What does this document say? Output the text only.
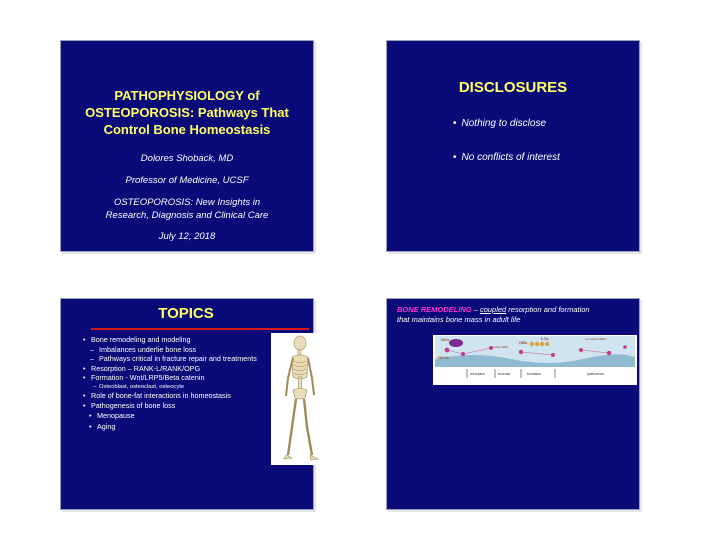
PATHOPHYSIOLOGY of
OSTEOPOROSIS: Pathways That
Control Bone Homeostasis
Dolores Shoback, MD
Professor of Medicine, UCSF
OSTEOPOROSIS: New Insights in
Research, Diagnosis and Clinical Care
July 12, 2018
DISCLOSURES
• Nothing to disclose
• No conflicts of interest
TOPICS
• Bone remodeling and modeling
– Imbalances underlie bone loss
– Pathways critical in fracture repair and treatments
• Resorption – RANK-L/RANK/OPG
• Formation - Wnt/LRP5/Beta catenin
– Osteoblast, osteoclast, osteocyte
• Role of bone-fat interactions in homeostasis
• Pathogenesis of bone loss
• Menopause
• Aging
BONE REMODELING – coupled resorption and formation
that maintains bone mass in adult life
OCs	LCs
OBs
OCYs
completed BMU
active BMU
resorption	reversal	formation	quiescence
